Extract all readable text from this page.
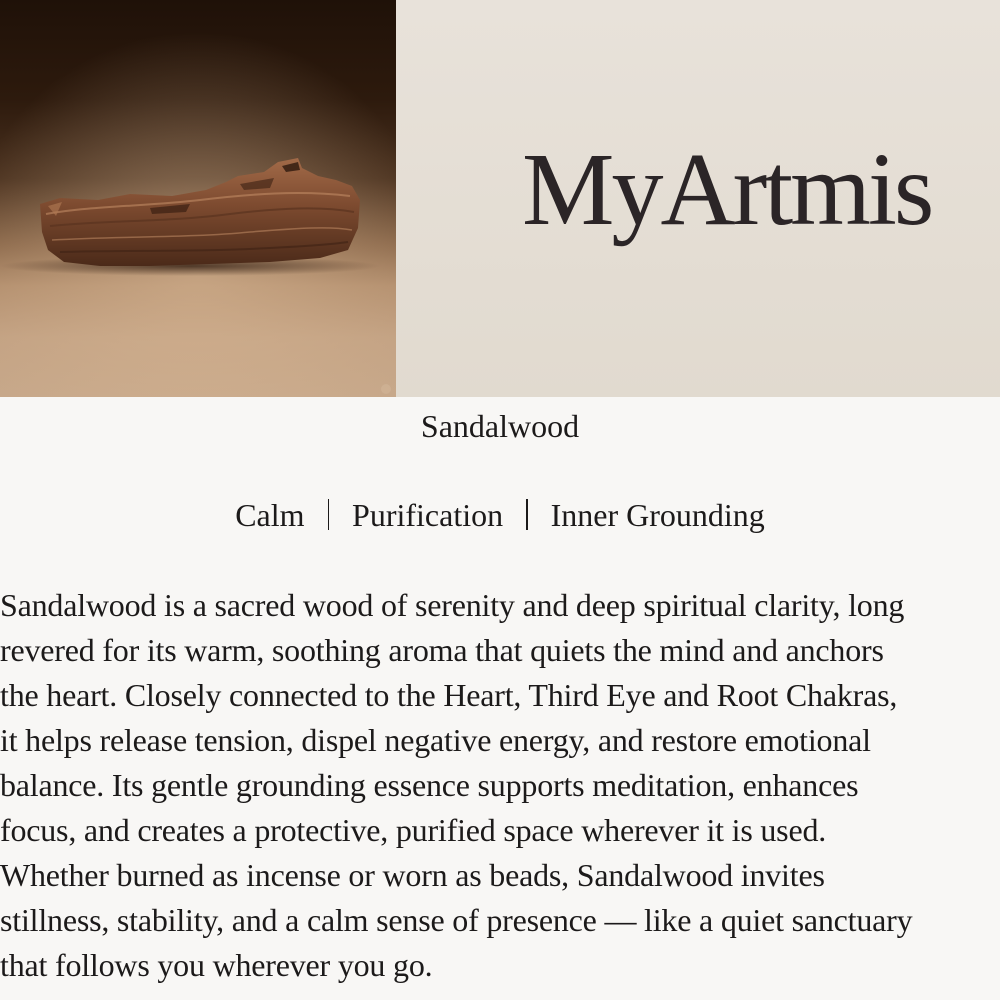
MyArtmis
Sandalwood
Calm Purification Inner Grounding

Sandalwood is a sacred wood of serenity and deep spiritual clarity, long
revered for its warm, soothing aroma that quiets the mind and anchors
the heart. Closely connected to the Heart, Third Eye and Root Chakras,
it helps release tension, dispel negative energy, and restore emotional
balance. Its gentle grounding essence supports meditation, enhances
focus, and creates a protective, purified space wherever it is used.
Whether burned as incense or worn as beads, Sandalwood invites
stillness, stability, and a calm sense of presence — like a quiet sanctuary
that follows you wherever you go.
